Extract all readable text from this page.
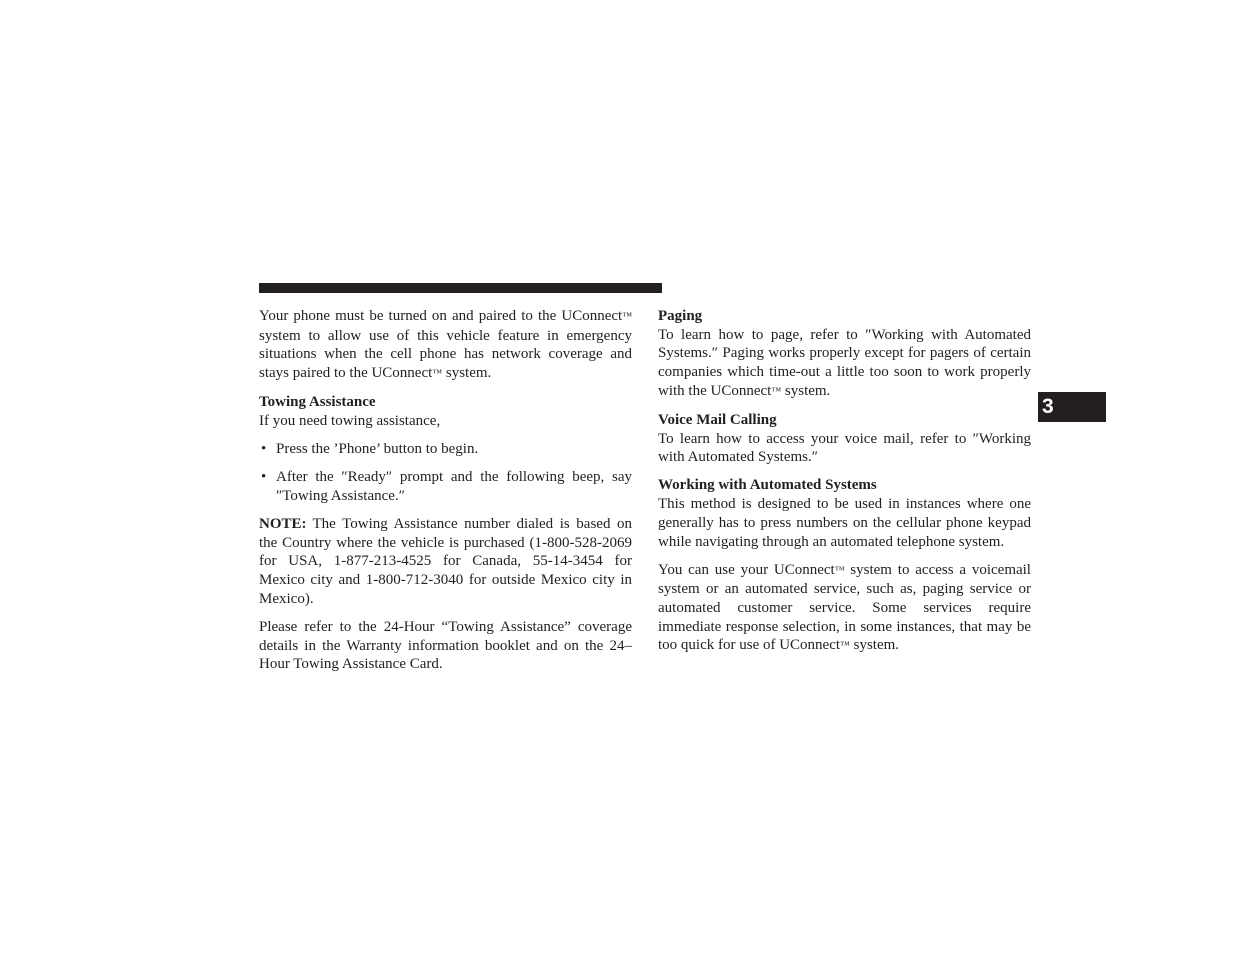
Your phone must be turned on and paired to the UConnect™ system to allow use of this vehicle feature in emergency situations when the cell phone has network coverage and stays paired to the UConnect™ system.

Towing Assistance

If you need towing assistance,

• Press the ’Phone’ button to begin.
• After the ″Ready″ prompt and the following beep, say ″Towing Assistance.″

NOTE: The Towing Assistance number dialed is based on the Country where the vehicle is purchased (1-800-528-2069 for USA, 1-877-213-4525 for Canada, 55-14-3454 for Mexico city and 1-800-712-3040 for outside Mexico city in Mexico).

Please refer to the 24-Hour “Towing Assistance” coverage details in the Warranty information booklet and on the 24–Hour Towing Assistance Card.

Paging

To learn how to page, refer to ″Working with Automated Systems.″ Paging works properly except for pagers of certain companies which time-out a little too soon to work properly with the UConnect™ system.

Voice Mail Calling

To learn how to access your voice mail, refer to ″Working with Automated Systems.″

Working with Automated Systems

This method is designed to be used in instances where one generally has to press numbers on the cellular phone keypad while navigating through an automated telephone system.

You can use your UConnect™ system to access a voicemail system or an automated service, such as, paging service or automated customer service. Some services require immediate response selection, in some instances, that may be too quick for use of UConnect™ system.

3
